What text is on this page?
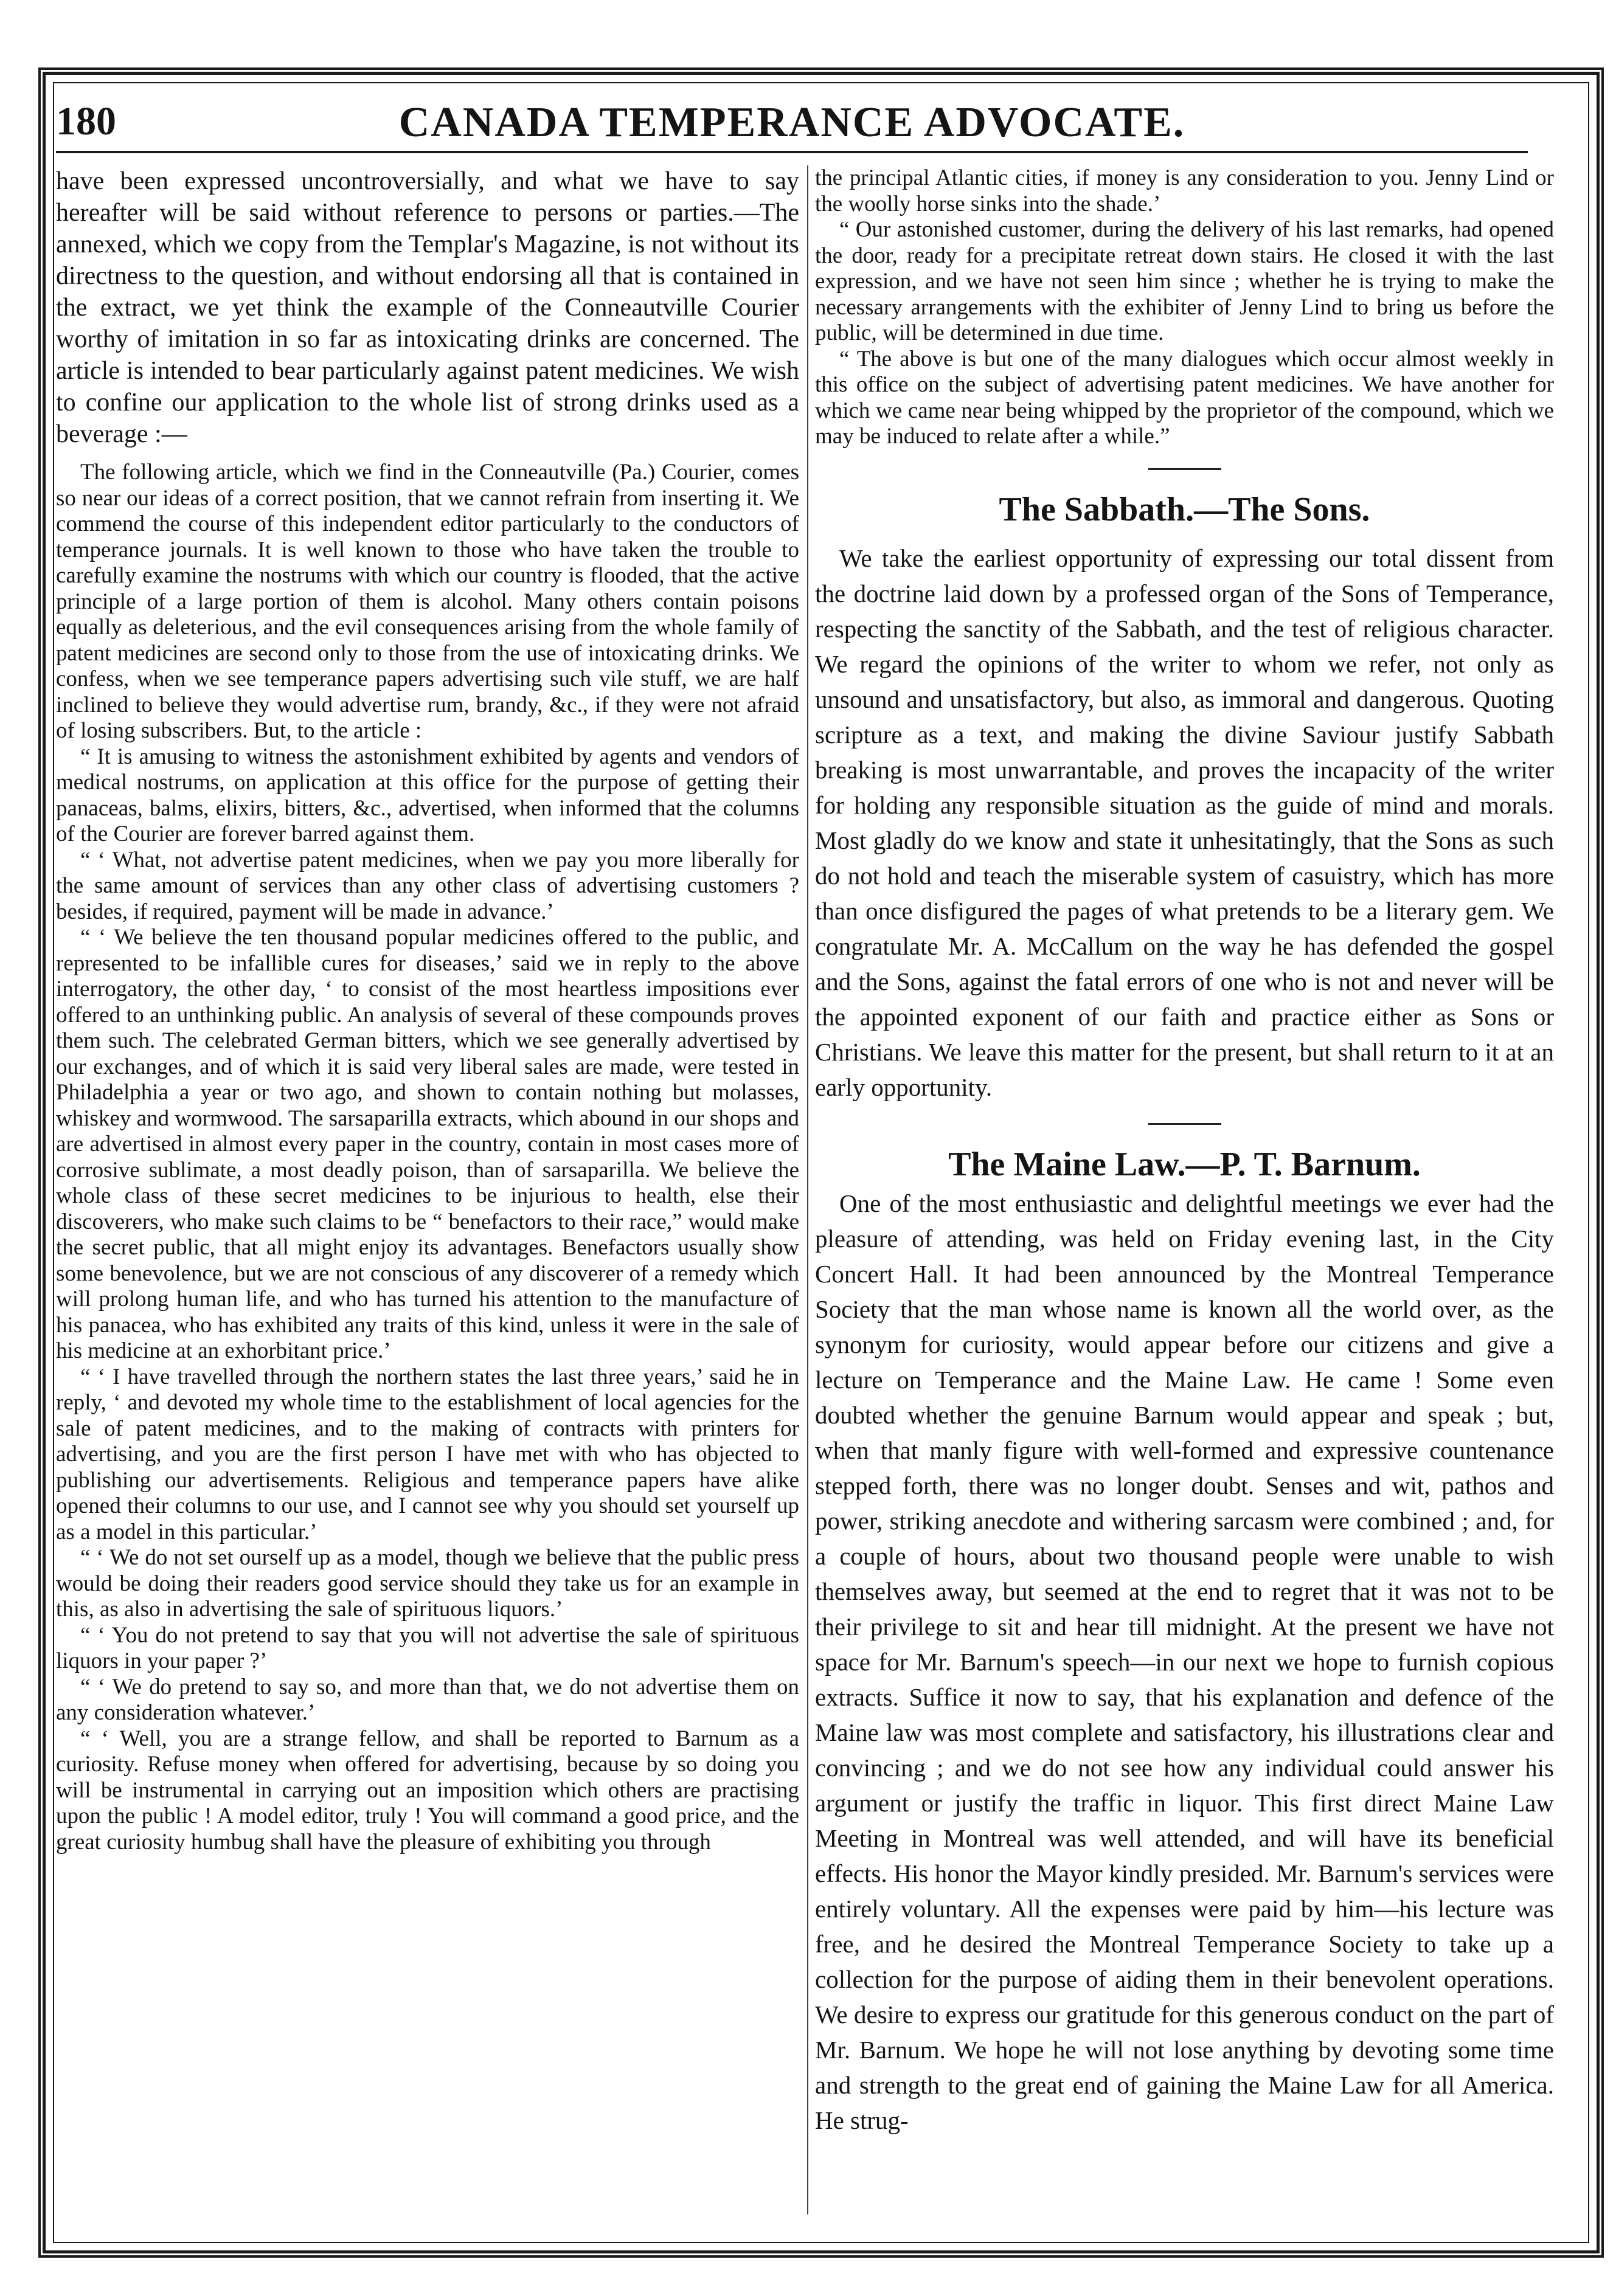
180	CANADA TEMPERANCE ADVOCATE.

have been expressed uncontroversially, and what we have to say hereafter will be said without reference to persons or parties.—The annexed, which we copy from the Templar's Magazine, is not without its directness to the question, and without endorsing all that is contained in the extract, we yet think the example of the Conneautville Courier worthy of imitation in so far as intoxicating drinks are concerned. The article is intended to bear particularly against patent medicines. We wish to confine our application to the whole list of strong drinks used as a beverage :—

The following article, which we find in the Conneautville (Pa.) Courier, comes so near our ideas of a correct position, that we cannot refrain from inserting it. We commend the course of this independent editor particularly to the conductors of temperance journals. It is well known to those who have taken the trouble to carefully examine the nostrums with which our country is flooded, that the active principle of a large portion of them is alcohol. Many others contain poisons equally as deleterious, and the evil consequences arising from the whole family of patent medicines are second only to those from the use of intoxicating drinks. We confess, when we see temperance papers advertising such vile stuff, we are half inclined to believe they would advertise rum, brandy, &c., if they were not afraid of losing subscribers. But, to the article :

“ It is amusing to witness the astonishment exhibited by agents and vendors of medical nostrums, on application at this office for the purpose of getting their panaceas, balms, elixirs, bitters, &c., advertised, when informed that the columns of the Courier are forever barred against them.

“ ‘ What, not advertise patent medicines, when we pay you more liberally for the same amount of services than any other class of advertising customers ? besides, if required, payment will be made in advance.’

“ ‘ We believe the ten thousand popular medicines offered to the public, and represented to be infallible cures for diseases,’ said we in reply to the above interrogatory, the other day, ‘ to consist of the most heartless impositions ever offered to an unthinking public. An analysis of several of these compounds proves them such. The celebrated German bitters, which we see generally advertised by our exchanges, and of which it is said very liberal sales are made, were tested in Philadelphia a year or two ago, and shown to contain nothing but molasses, whiskey and wormwood. The sarsaparilla extracts, which abound in our shops and are advertised in almost every paper in the country, contain in most cases more of corrosive sublimate, a most deadly poison, than of sarsaparilla. We believe the whole class of these secret medicines to be injurious to health, else their discoverers, who make such claims to be “ benefactors to their race,” would make the secret public, that all might enjoy its advantages. Benefactors usually show some benevolence, but we are not conscious of any discoverer of a remedy which will prolong human life, and who has turned his attention to the manufacture of his panacea, who has exhibited any traits of this kind, unless it were in the sale of his medicine at an exhorbitant price.’

“ ‘ I have travelled through the northern states the last three years,’ said he in reply, ‘ and devoted my whole time to the establishment of local agencies for the sale of patent medicines, and to the making of contracts with printers for advertising, and you are the first person I have met with who has objected to publishing our advertisements. Religious and temperance papers have alike opened their columns to our use, and I cannot see why you should set yourself up as a model in this particular.’

“ ‘ We do not set ourself up as a model, though we believe that the public press would be doing their readers good service should they take us for an example in this, as also in advertising the sale of spirituous liquors.’

“ ‘ You do not pretend to say that you will not advertise the sale of spirituous liquors in your paper ?’

“ ‘ We do pretend to say so, and more than that, we do not advertise them on any consideration whatever.’

“ ‘ Well, you are a strange fellow, and shall be reported to Barnum as a curiosity. Refuse money when offered for advertising, because by so doing you will be instrumental in carrying out an imposition which others are practising upon the public ! A model editor, truly ! You will command a good price, and the great curiosity humbug shall have the pleasure of exhibiting you through

the principal Atlantic cities, if money is any consideration to you. Jenny Lind or the woolly horse sinks into the shade.’

“ Our astonished customer, during the delivery of his last remarks, had opened the door, ready for a precipitate retreat down stairs. He closed it with the last expression, and we have not seen him since ; whether he is trying to make the necessary arrangements with the exhibiter of Jenny Lind to bring us before the public, will be determined in due time.

“ The above is but one of the many dialogues which occur almost weekly in this office on the subject of advertising patent medicines. We have another for which we came near being whipped by the proprietor of the compound, which we may be induced to relate after a while.”

The Sabbath.—The Sons.

We take the earliest opportunity of expressing our total dissent from the doctrine laid down by a professed organ of the Sons of Temperance, respecting the sanctity of the Sabbath, and the test of religious character. We regard the opinions of the writer to whom we refer, not only as unsound and unsatisfactory, but also, as immoral and dangerous. Quoting scripture as a text, and making the divine Saviour justify Sabbath breaking is most unwarrantable, and proves the incapacity of the writer for holding any responsible situation as the guide of mind and morals. Most gladly do we know and state it unhesitatingly, that the Sons as such do not hold and teach the miserable system of casuistry, which has more than once disfigured the pages of what pretends to be a literary gem. We congratulate Mr. A. McCallum on the way he has defended the gospel and the Sons, against the fatal errors of one who is not and never will be the appointed exponent of our faith and practice either as Sons or Christians. We leave this matter for the present, but shall return to it at an early opportunity.

The Maine Law.—P. T. Barnum.

One of the most enthusiastic and delightful meetings we ever had the pleasure of attending, was held on Friday evening last, in the City Concert Hall. It had been announced by the Montreal Temperance Society that the man whose name is known all the world over, as the synonym for curiosity, would appear before our citizens and give a lecture on Temperance and the Maine Law. He came ! Some even doubted whether the genuine Barnum would appear and speak ; but, when that manly figure with well-formed and expressive countenance stepped forth, there was no longer doubt. Senses and wit, pathos and power, striking anecdote and withering sarcasm were combined ; and, for a couple of hours, about two thousand people were unable to wish themselves away, but seemed at the end to regret that it was not to be their privilege to sit and hear till midnight. At the present we have not space for Mr. Barnum's speech—in our next we hope to furnish copious extracts. Suffice it now to say, that his explanation and defence of the Maine law was most complete and satisfactory, his illustrations clear and convincing ; and we do not see how any individual could answer his argument or justify the traffic in liquor. This first direct Maine Law Meeting in Montreal was well attended, and will have its beneficial effects. His honor the Mayor kindly presided. Mr. Barnum's services were entirely voluntary. All the expenses were paid by him—his lecture was free, and he desired the Montreal Temperance Society to take up a collection for the purpose of aiding them in their benevolent operations. We desire to express our gratitude for this generous conduct on the part of Mr. Barnum. We hope he will not lose anything by devoting some time and strength to the great end of gaining the Maine Law for all America. He strug-
